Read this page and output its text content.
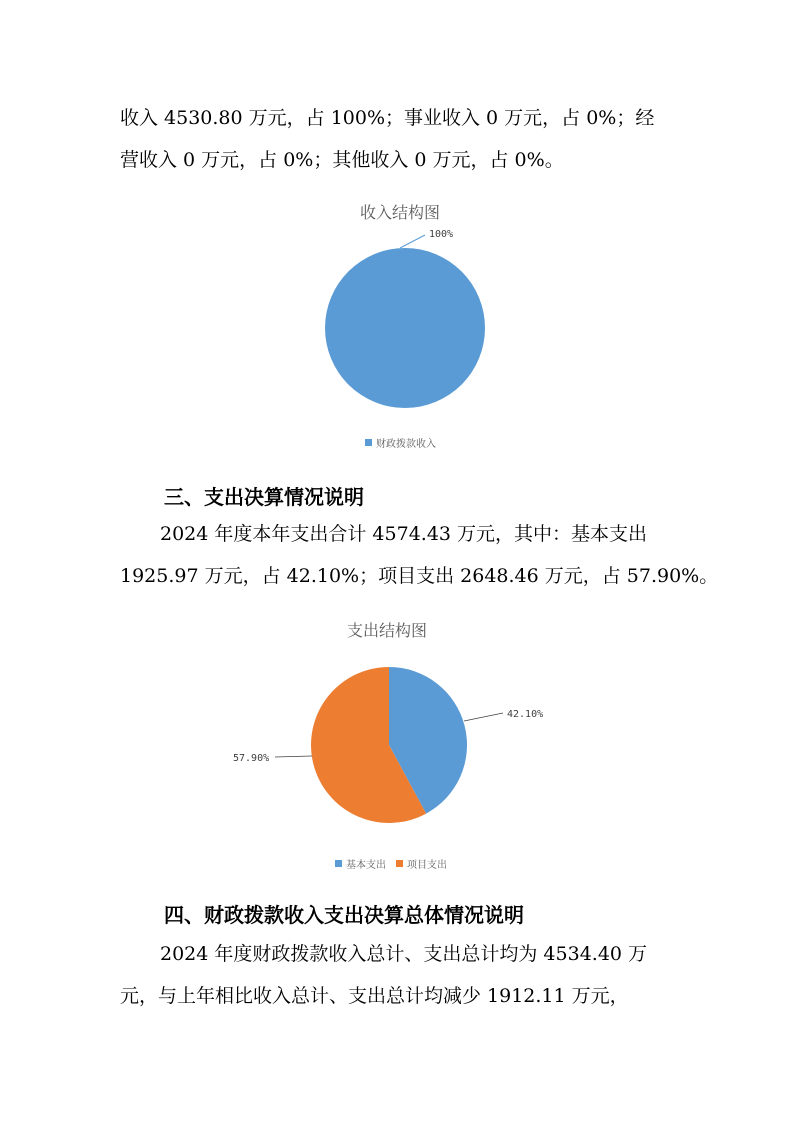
收入 4530.80 万元，占 100%；事业收入 0 万元，占 0%；经
营收入 0 万元，占 0%；其他收入 0 万元，占 0%。
收入结构图
100%
财政拨款收入
三、支出决算情况说明
2024 年度本年支出合计 4574.43 万元，其中：基本支出
1925.97 万元，占 42.10%；项目支出 2648.46 万元，占 57.90%。
支出结构图
42.10%
57.90%
基本支出 项目支出
四、财政拨款收入支出决算总体情况说明
2024 年度财政拨款收入总计、支出总计均为 4534.40 万
元，与上年相比收入总计、支出总计均减少 1912.11 万元，
